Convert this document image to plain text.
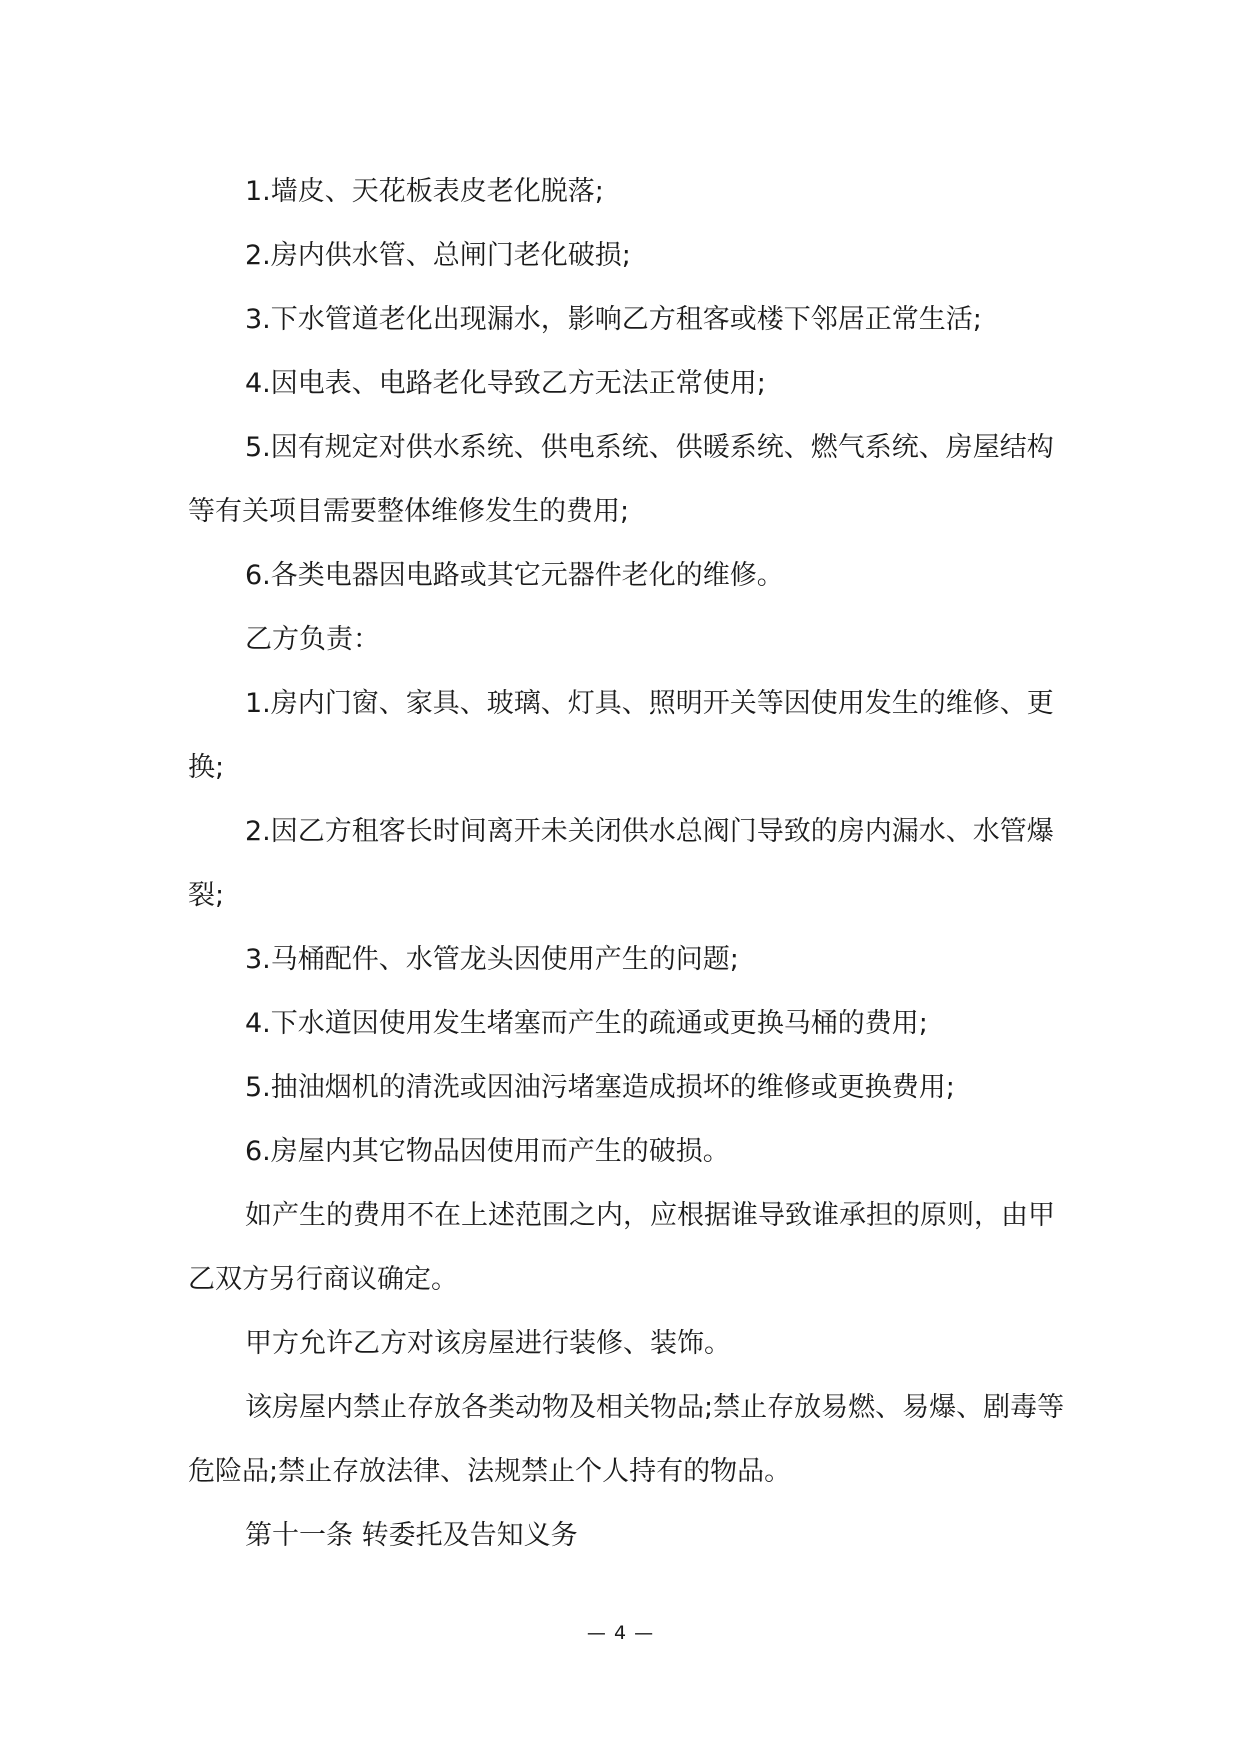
1.墙皮、天花板表皮老化脱落;

2.房内供水管、总闸门老化破损;

3.下水管道老化出现漏水，影响乙方租客或楼下邻居正常生活;

4.因电表、电路老化导致乙方无法正常使用;

5.因有规定对供水系统、供电系统、供暖系统、燃气系统、房屋结构等有关项目需要整体维修发生的费用;

6.各类电器因电路或其它元器件老化的维修。

乙方负责：

1.房内门窗、家具、玻璃、灯具、照明开关等因使用发生的维修、更换;

2.因乙方租客长时间离开未关闭供水总阀门导致的房内漏水、水管爆裂;

3.马桶配件、水管龙头因使用产生的问题;

4.下水道因使用发生堵塞而产生的疏通或更换马桶的费用;

5.抽油烟机的清洗或因油污堵塞造成损坏的维修或更换费用;

6.房屋内其它物品因使用而产生的破损。

如产生的费用不在上述范围之内，应根据谁导致谁承担的原则，由甲乙双方另行商议确定。

甲方允许乙方对该房屋进行装修、装饰。

该房屋内禁止存放各类动物及相关物品;禁止存放易燃、易爆、剧毒等危险品;禁止存放法律、法规禁止个人持有的物品。

第十一条 转委托及告知义务

— 4 —
